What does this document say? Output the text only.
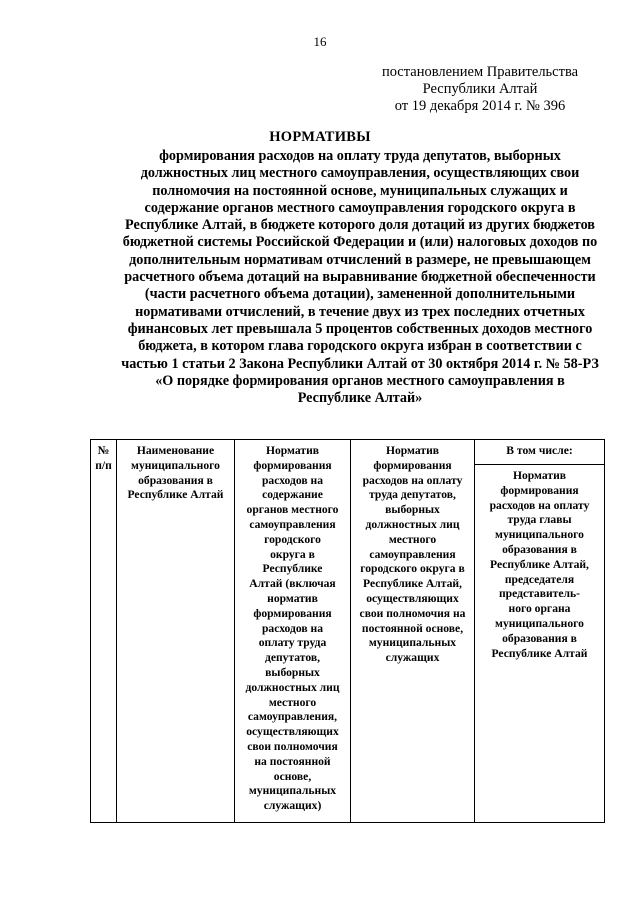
16
постановлением Правительства
Республики Алтай
от 19 декабря 2014 г. № 396
НОРМАТИВЫ
формирования расходов на оплату труда депутатов, выборных
должностных лиц местного самоуправления, осуществляющих свои
полномочия на постоянной основе, муниципальных служащих и
содержание органов местного самоуправления городского округа в
Республике Алтай, в бюджете которого доля дотаций из других бюджетов
бюджетной системы Российской Федерации и (или) налоговых доходов по
дополнительным нормативам отчислений в размере, не превышающем
расчетного объема дотаций на выравнивание бюджетной обеспеченности
(части расчетного объема дотации), замененной дополнительными
нормативами отчислений, в течение двух из трех последних отчетных
финансовых лет превышала 5 процентов собственных доходов местного
бюджета, в котором глава городского округа избран в соответствии с
частью 1 статьи 2 Закона Республики Алтай от 30 октября 2014 г. № 58-РЗ
«О порядке формирования органов местного самоуправления в
Республике Алтай»
№
п/п

Наименование
муниципального
образования в
Республике Алтай

Норматив
формирования
расходов на
содержание
органов местного
самоуправления
городского
округа в
Республике
Алтай (включая
норматив
формирования
расходов на
оплату труда
депутатов,
выборных
должностных лиц
местного
самоуправления,
осуществляющих
свои полномочия
на постоянной
основе,
муниципальных
служащих)

Норматив
формирования
расходов на оплату
труда депутатов,
выборных
должностных лиц
местного
самоуправления
городского округа в
Республике Алтай,
осуществляющих
свои полномочия на
постоянной основе,
муниципальных
служащих
	В том числе:

Норматив
формирования
расходов на оплату
труда главы
муниципального
образования в
Республике Алтай,
председателя
представитель-
ного органа
муниципального
образования в
Республике Алтай
